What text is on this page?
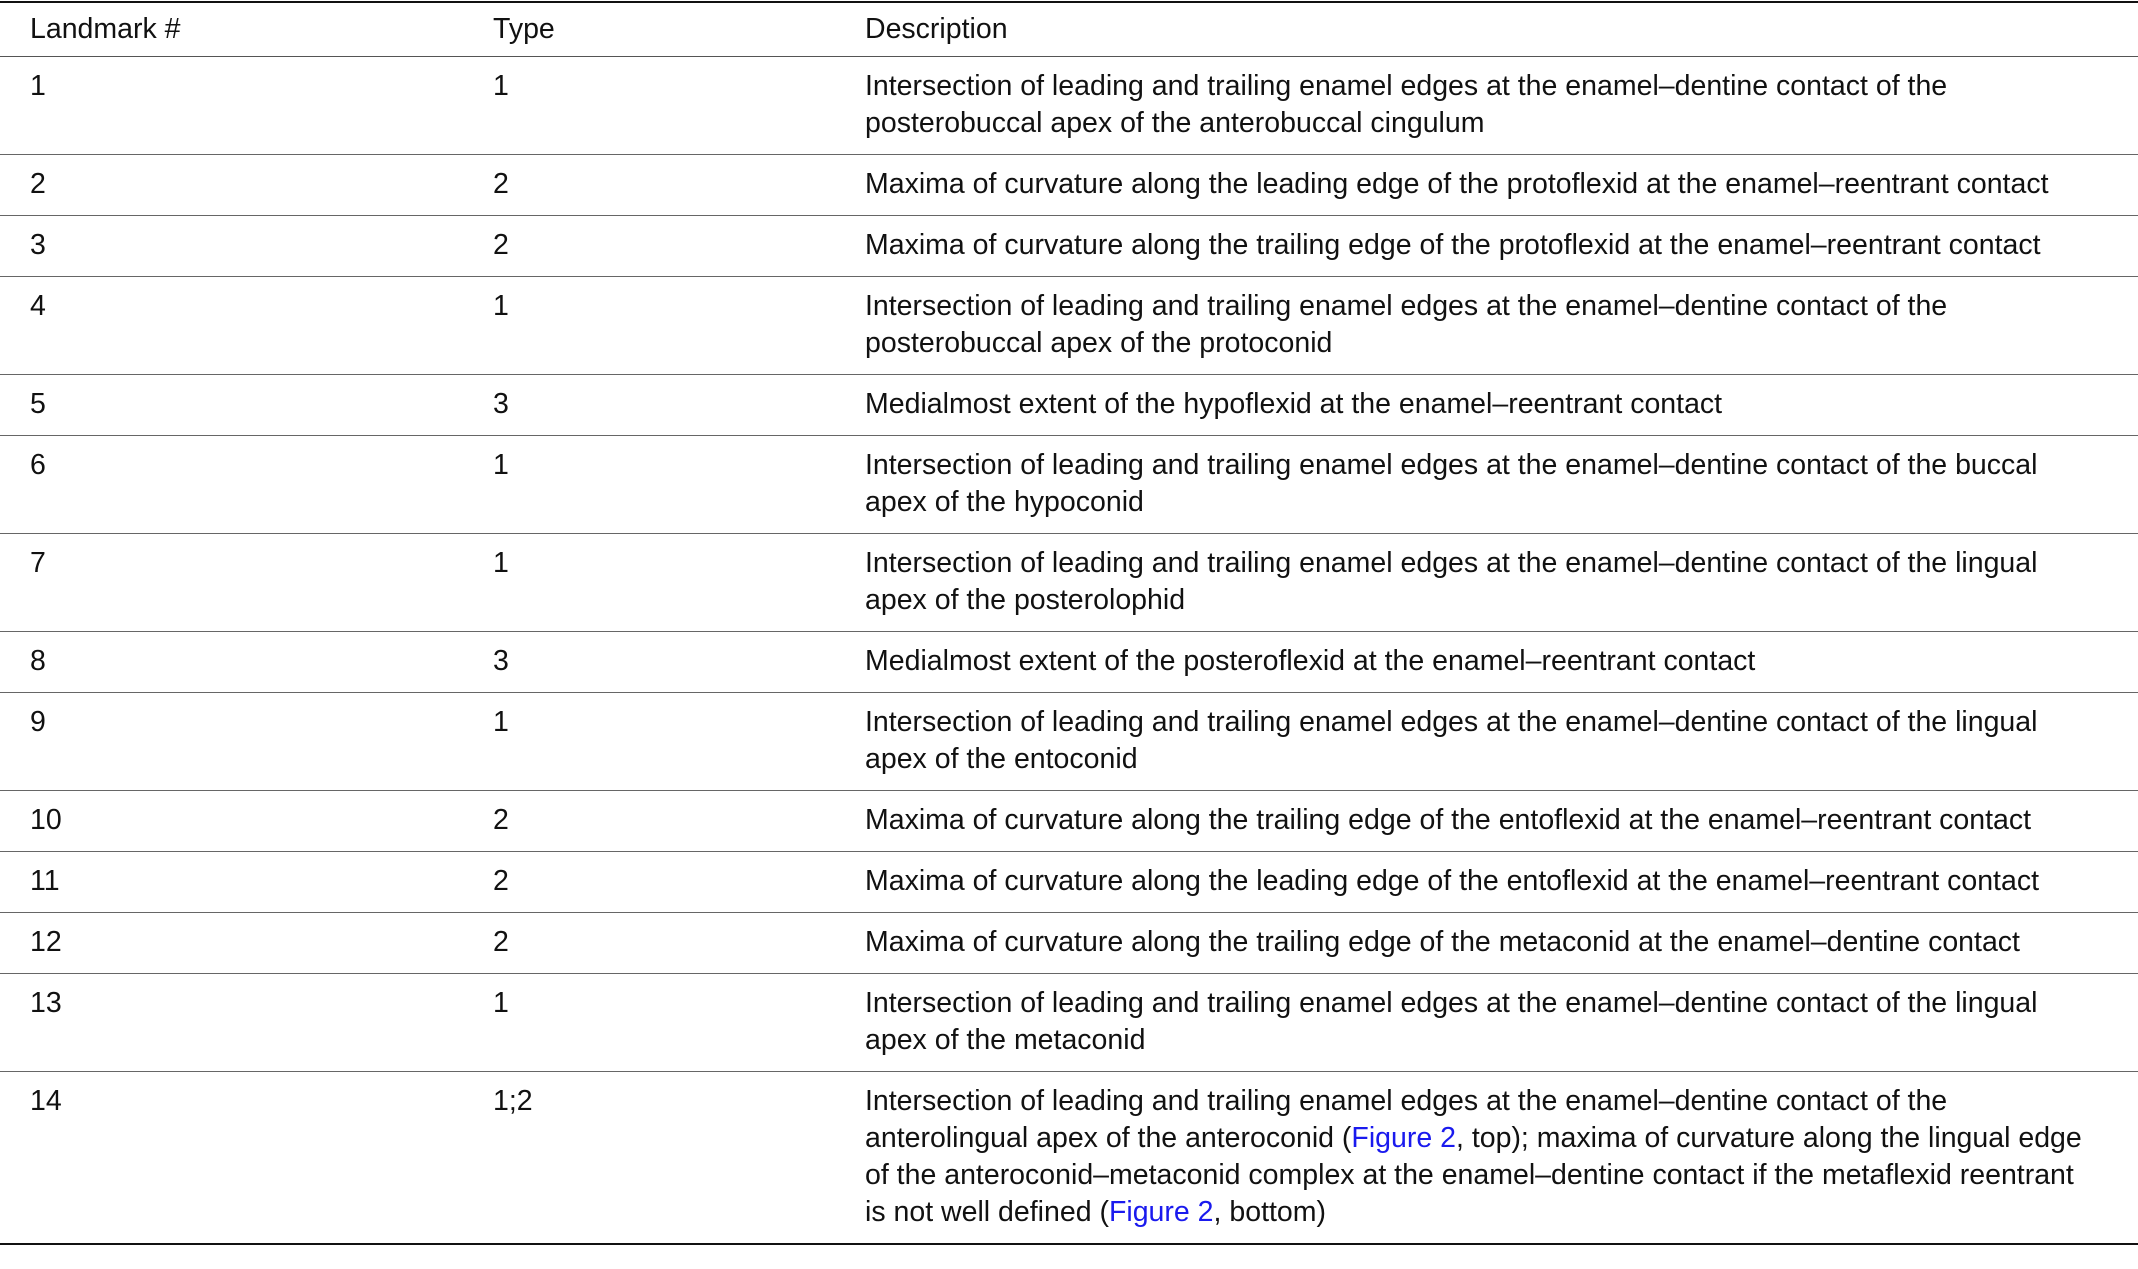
Landmark #	Type	Description
1	1	Intersection of leading and trailing enamel edges at the enamel–dentine contact of the posterobuccal apex of the anterobuccal cingulum
2	2	Maxima of curvature along the leading edge of the protoflexid at the enamel–reentrant contact
3	2	Maxima of curvature along the trailing edge of the protoflexid at the enamel–reentrant contact
4	1	Intersection of leading and trailing enamel edges at the enamel–dentine contact of the posterobuccal apex of the protoconid
5	3	Medialmost extent of the hypoflexid at the enamel–reentrant contact
6	1	Intersection of leading and trailing enamel edges at the enamel–dentine contact of the buccal apex of the hypoconid
7	1	Intersection of leading and trailing enamel edges at the enamel–dentine contact of the lingual apex of the posterolophid
8	3	Medialmost extent of the posteroflexid at the enamel–reentrant contact
9	1	Intersection of leading and trailing enamel edges at the enamel–dentine contact of the lingual apex of the entoconid
10	2	Maxima of curvature along the trailing edge of the entoflexid at the enamel–reentrant contact
11	2	Maxima of curvature along the leading edge of the entoflexid at the enamel–reentrant contact
12	2	Maxima of curvature along the trailing edge of the metaconid at the enamel–dentine contact
13	1	Intersection of leading and trailing enamel edges at the enamel–dentine contact of the lingual apex of the metaconid
14	1;2	Intersection of leading and trailing enamel edges at the enamel–dentine contact of the anterolingual apex of the anteroconid (Figure 2, top); maxima of curvature along the lingual edge of the anteroconid–metaconid complex at the enamel–dentine contact if the metaflexid reentrant is not well defined (Figure 2, bottom)
